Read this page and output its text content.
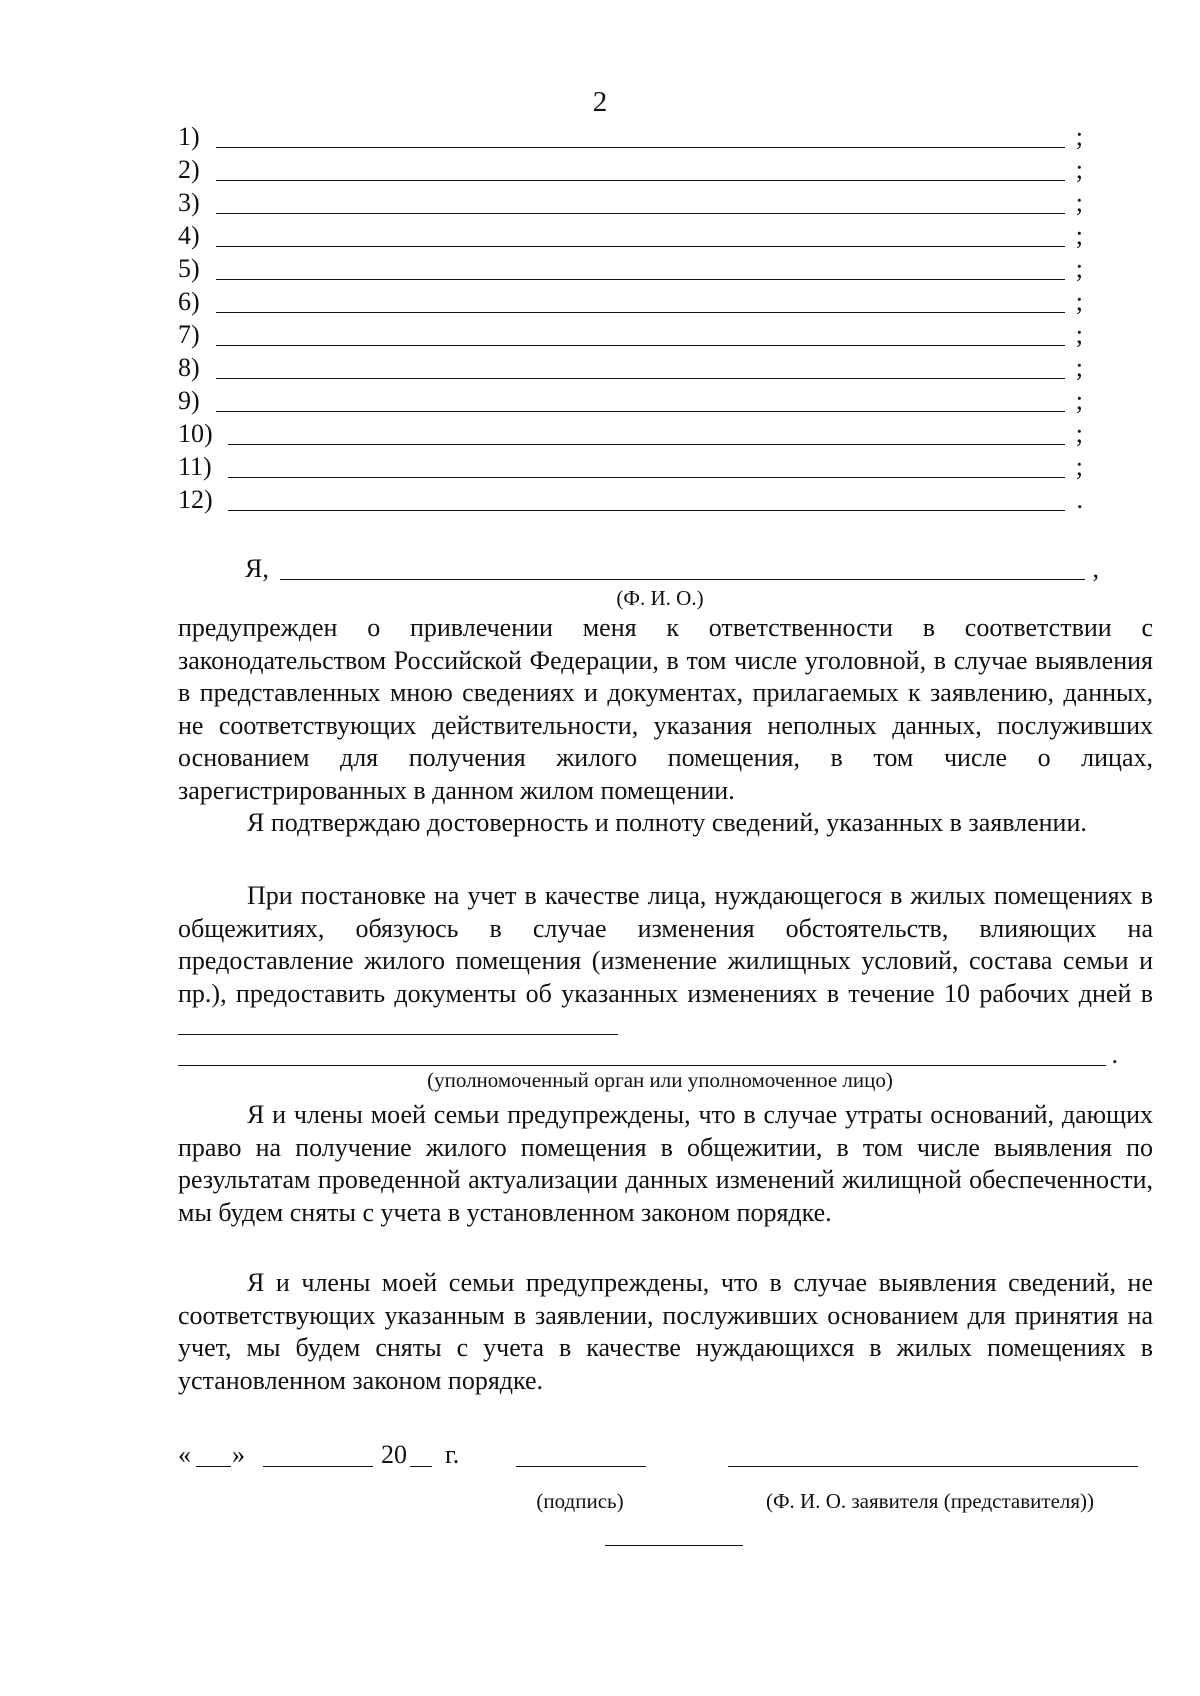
2
1)	;
2)	;
3)	;
4)	;
5)	;
6)	;
7)	;
8)	;
9)	;
10)	;
11)	;
12)	.
Я,	,
(Ф. И. О.)

предупрежден о привлечении меня к ответственности в соответствии с законодательством Российской Федерации, в том числе уголовной, в случае выявления в представленных мною сведениях и документах, прилагаемых к заявлению, данных, не соответствующих действительности, указания неполных данных, послуживших основанием для получения жилого помещения, в том числе о лицах, зарегистрированных в данном жилом помещении.

Я подтверждаю достоверность и полноту сведений, указанных в заявлении.

При постановке на учет в качестве лица, нуждающегося в жилых помещениях в общежитиях, обязуюсь в случае изменения обстоятельств, влияющих на предоставление жилого помещения (изменение жилищных условий, состава семьи и пр.), предоставить документы об указанных изменениях в течение 10 рабочих дней в

.
(уполномоченный орган или уполномоченное лицо)

Я и члены моей семьи предупреждены, что в случае утраты оснований, дающих право на получение жилого помещения в общежитии, в том числе выявления по результатам проведенной актуализации данных изменений жилищной обеспеченности, мы будем сняты с учета в установленном законом порядке.

Я и члены моей семьи предупреждены, что в случае выявления сведений, не соответствующих указанным в заявлении, послуживших основанием для принятия на учет, мы будем сняты с учета в качестве нуждающихся в жилых помещениях в установленном законом порядке.

« »	20 г.
(подпись)	(Ф. И. О. заявителя (представителя))
